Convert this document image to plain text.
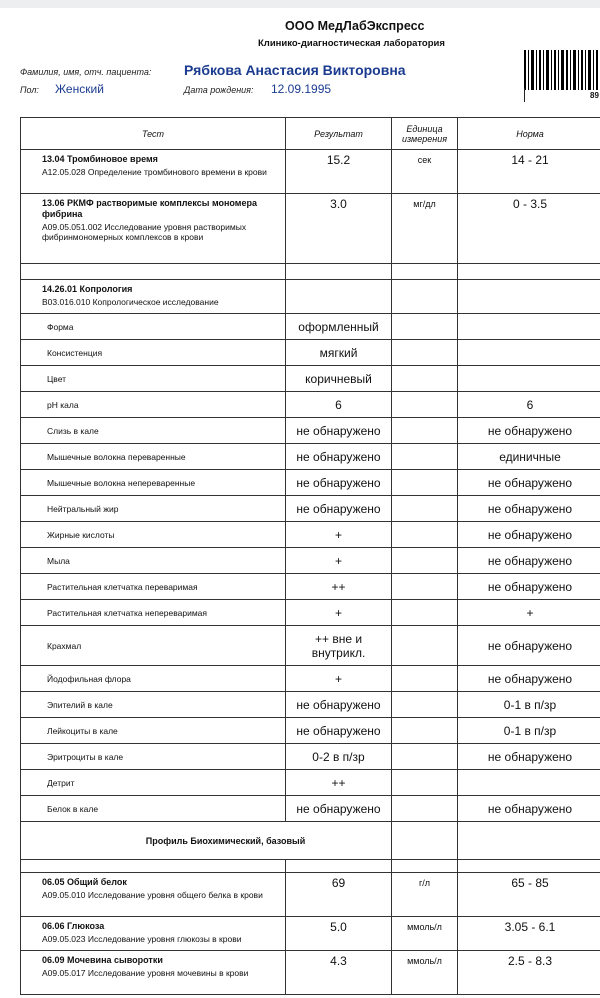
ООО МедЛабЭкспресс
Клинико-диагностическая лаборатория
Фамилия, имя, отч. пациента: Рябкова Анастасия Викторовна
Пол: Женский	Дата рождения: 12.09.1995	89
Тест	Результат	Единица измерения	Норма

13.04 Тромбиновое время
A12.05.028 Определение тромбинового времени в крови	15.2	сек	14 - 21

13.06 РКМФ растворимые комплексы мономера фибрина
A09.05.051.002 Исследование уровня растворимых фибринмономерных комплексов в крови	3.0	мг/дл	0 - 3.5

14.26.01 Копрология
B03.016.010 Копрологическое исследование			

Форма	оформленный		
Консистенция	мягкий		
Цвет	коричневый		
pH кала	6		6
Слизь в кале	не обнаружено		не обнаружено
Мышечные волокна переваренные	не обнаружено		единичные
Мышечные волокна непереваренные	не обнаружено		не обнаружено
Нейтральный жир	не обнаружено		не обнаружено
Жирные кислоты	+		не обнаружено
Мыла	+		не обнаружено
Растительная клетчатка переваримая	++		не обнаружено
Растительная клетчатка непереваримая	+		+
Крахмал	++ вне и внутрикл.		не обнаружено
Йодофильная флора	+		не обнаружено
Эпителий в кале	не обнаружено		0-1 в п/зр
Лейкоциты в кале	не обнаружено		0-1 в п/зр
Эритроциты в кале	0-2 в п/зр		не обнаружено
Детрит	++		
Белок в кале	не обнаружено		не обнаружено
Профиль Биохимический, базовый			

06.05 Общий белок
A09.05.010 Исследование уровня общего белка в крови	69	г/л	65 - 85

06.06 Глюкоза
A09.05.023 Исследование уровня глюкозы в крови	5.0	ммоль/л	3.05 - 6.1

06.09 Мочевина сыворотки
A09.05.017 Исследование уровня мочевины в крови	4.3	ммоль/л	2.5 - 8.3
